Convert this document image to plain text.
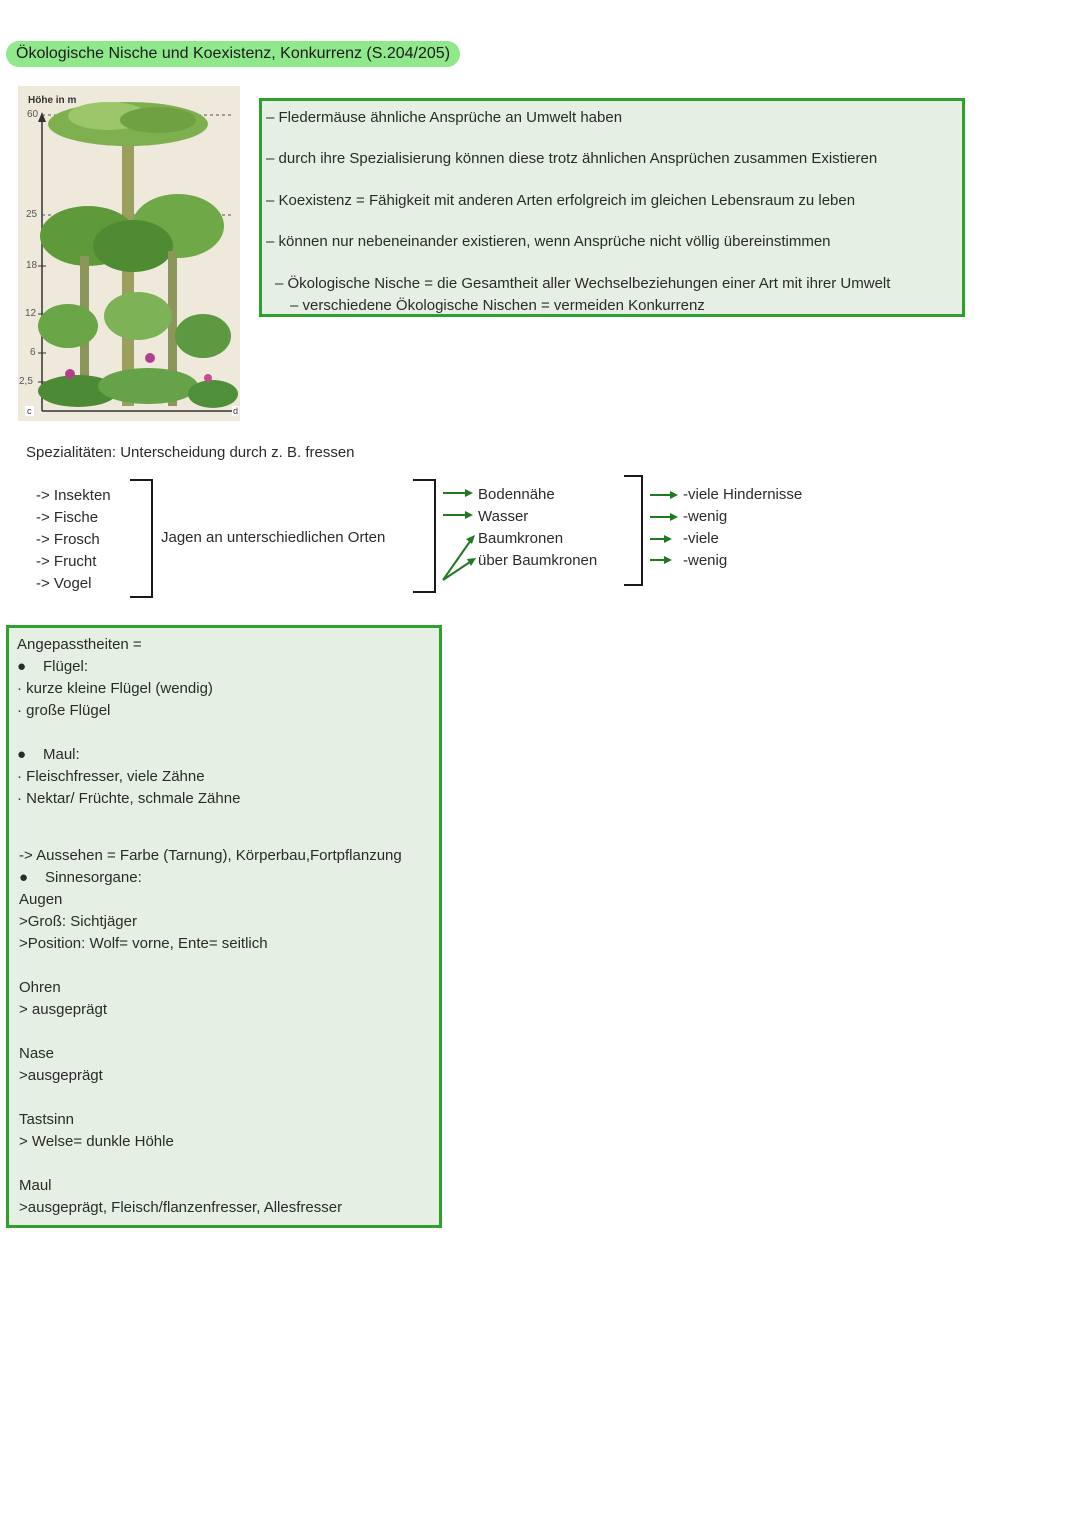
Ökologische Nische und Koexistenz, Konkurrenz (S.204/205)
Höhe in m
60
25
18
12
6
2,5
c	d
– Fledermäuse ähnliche Ansprüche an Umwelt haben
– durch ihre Spezialisierung können diese trotz ähnlichen Ansprüchen zusammen Existieren
– Koexistenz = Fähigkeit mit anderen Arten erfolgreich im gleichen Lebensraum zu leben
– können nur nebeneinander existieren, wenn Ansprüche nicht völlig übereinstimmen
– Ökologische Nische = die Gesamtheit aller Wechselbeziehungen einer Art mit ihrer Umwelt
– verschiedene Ökologische Nischen = vermeiden Konkurrenz
Spezialitäten: Unterscheidung durch z. B. fressen
-> Insekten
-> Fische
-> Frosch
-> Frucht
-> Vogel
Jagen an unterschiedlichen Orten
Bodennähe
Wasser
Baumkronen
über Baumkronen
-viele Hindernisse
-wenig
-viele
-wenig
Angepasstheiten =
● Flügel:
· kurze kleine Flügel (wendig)
· große Flügel
● Maul:
· Fleischfresser, viele Zähne
· Nektar/ Früchte, schmale Zähne
-> Aussehen = Farbe (Tarnung), Körperbau,Fortpflanzung
● Sinnesorgane:
Augen
>Groß: Sichtjäger
>Position: Wolf= vorne, Ente= seitlich
Ohren
> ausgeprägt
Nase
>ausgeprägt
Tastsinn
> Welse= dunkle Höhle
Maul
>ausgeprägt, Fleisch/flanzenfresser, Allesfresser
